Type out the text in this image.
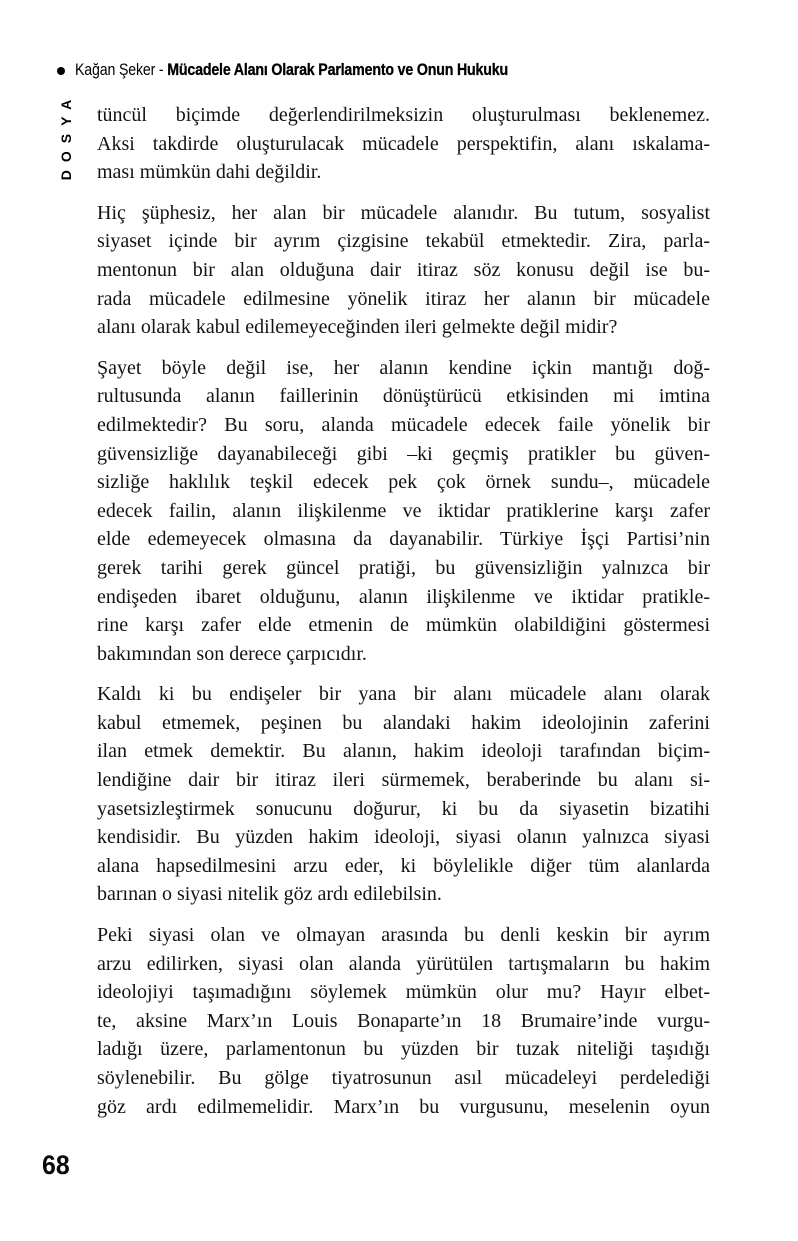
Kağan Şeker - Mücadele Alanı Olarak Parlamento ve Onun Hukuku
DOSYA tüncül biçimde değerlendirilmeksizin oluşturulması beklenemez.
Aksi takdirde oluşturulacak mücadele perspektifin, alanı ıskalama-
ması mümkün dahi değildir.
Hiç şüphesiz, her alan bir mücadele alanıdır. Bu tutum, sosyalist
siyaset içinde bir ayrım çizgisine tekabül etmektedir. Zira, parla-
mentonun bir alan olduğuna dair itiraz söz konusu değil ise bu-
rada mücadele edilmesine yönelik itiraz her alanın bir mücadele
alanı olarak kabul edilemeyeceğinden ileri gelmekte değil midir?
Şayet böyle değil ise, her alanın kendine içkin mantığı doğ-
rultusunda alanın faillerinin dönüştürücü etkisinden mi imtina
edilmektedir? Bu soru, alanda mücadele edecek faile yönelik bir
güvensizliğe dayanabileceği gibi –ki geçmiş pratikler bu güven-
sizliğe haklılık teşkil edecek pek çok örnek sundu–, mücadele
edecek failin, alanın ilişkilenme ve iktidar pratiklerine karşı zafer
elde edemeyecek olmasına da dayanabilir. Türkiye İşçi Partisi’nin
gerek tarihi gerek güncel pratiği, bu güvensizliğin yalnızca bir
endişeden ibaret olduğunu, alanın ilişkilenme ve iktidar pratikle-
rine karşı zafer elde etmenin de mümkün olabildiğini göstermesi
bakımından son derece çarpıcıdır.
Kaldı ki bu endişeler bir yana bir alanı mücadele alanı olarak
kabul etmemek, peşinen bu alandaki hakim ideolojinin zaferini
ilan etmek demektir. Bu alanın, hakim ideoloji tarafından biçim-
lendiğine dair bir itiraz ileri sürmemek, beraberinde bu alanı si-
yasetsizleştirmek sonucunu doğurur, ki bu da siyasetin bizatihi
kendisidir. Bu yüzden hakim ideoloji, siyasi olanın yalnızca siyasi
alana hapsedilmesini arzu eder, ki böylelikle diğer tüm alanlarda
barınan o siyasi nitelik göz ardı edilebilsin.
Peki siyasi olan ve olmayan arasında bu denli keskin bir ayrım
arzu edilirken, siyasi olan alanda yürütülen tartışmaların bu hakim
ideolojiyi taşımadığını söylemek mümkün olur mu? Hayır elbet-
te, aksine Marx’ın Louis Bonaparte’ın 18 Brumaire’inde vurgu-
ladığı üzere, parlamentonun bu yüzden bir tuzak niteliği taşıdığı
söylenebilir. Bu gölge tiyatrosunun asıl mücadeleyi perdelediği
göz ardı edilmemelidir. Marx’ın bu vurgusunu, meselenin oyun
68
